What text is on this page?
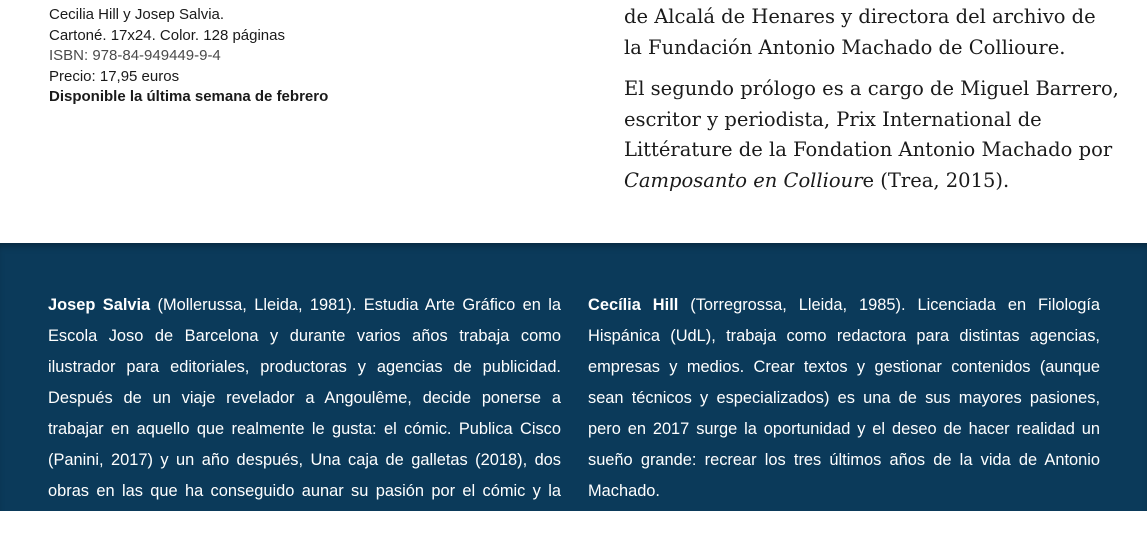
Cecilia Hill y Josep Salvia.
Cartoné. 17x24. Color. 128 páginas
ISBN: 978-84-949449-9-4
Precio: 17,95 euros
Disponible la última semana de febrero

de Alcalá de Henares y directora del archivo de
la Fundación Antonio Machado de Collioure.

El segundo prólogo es a cargo de Miguel Barrero, escritor y periodista, Prix International de Littérature de la Fondation Antonio Machado por Camposanto en Collioure (Trea, 2015).

Josep Salvia (Mollerussa, Lleida, 1981). Estudia Arte Gráfico en la Escola Joso de Barcelona y durante varios años trabaja como ilustrador para editoriales, productoras y agencias de publicidad. Después de un viaje revelador a Angoulême, decide ponerse a trabajar en aquello que realmente le gusta: el cómic. Publica Cisco (Panini, 2017) y un año después, Una caja de galletas (2018), dos obras en las que ha conseguido aunar su pasión por el cómic y la guerra civil.
Cecília Hill (Torregrossa, Lleida, 1985). Licenciada en Filología Hispánica (UdL), trabaja como redactora para distintas agencias, empresas y medios. Crear textos y gestionar contenidos (aunque sean técnicos y especializados) es una de sus mayores pasiones, pero en 2017 surge la oportunidad y el deseo de hacer realidad un sueño grande: recrear los tres últimos años de la vida de Antonio Machado.
